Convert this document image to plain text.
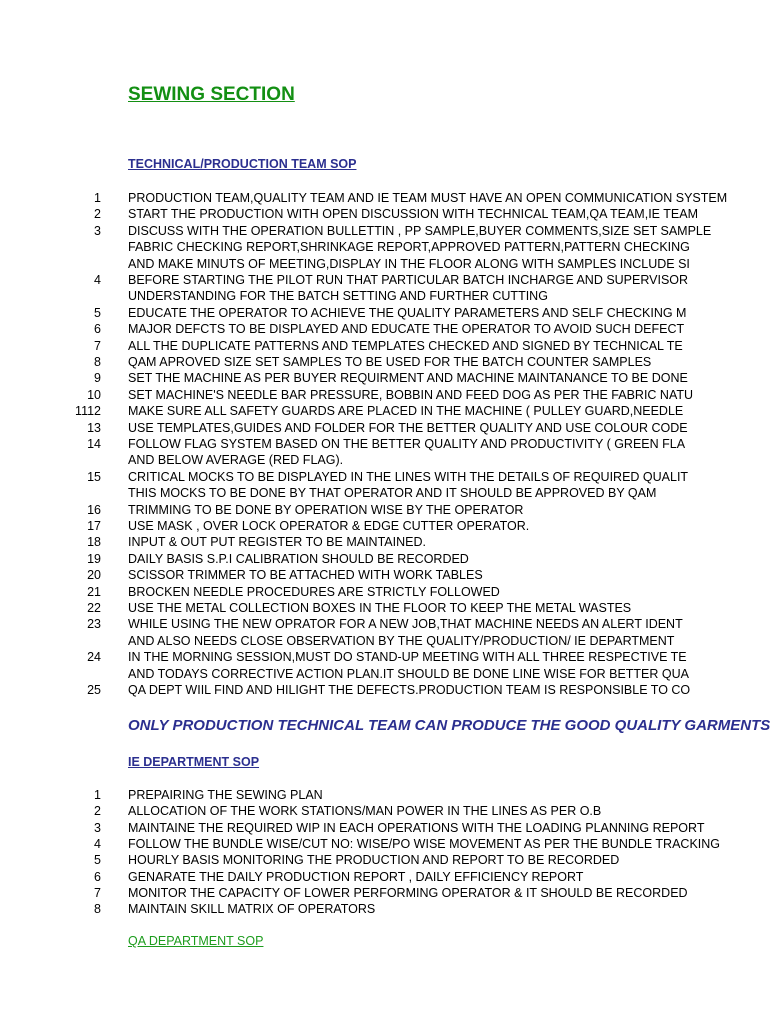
SEWING SECTION
TECHNICAL/PRODUCTION TEAM SOP
1 PRODUCTION TEAM,QUALITY TEAM AND IE TEAM MUST HAVE AN OPEN COMMUNICATION SYSTEM
2 START THE PRODUCTION WITH OPEN DISCUSSION WITH TECHNICAL TEAM,QA TEAM,IE TEAM
3 DISCUSS WITH THE OPERATION BULLETTIN , PP SAMPLE,BUYER COMMENTS,SIZE SET SAMPLE
FABRIC CHECKING REPORT,SHRINKAGE REPORT,APPROVED PATTERN,PATTERN CHECKING
AND MAKE MINUTS OF MEETING,DISPLAY IN THE FLOOR ALONG WITH SAMPLES INCLUDE SI
4 BEFORE STARTING THE PILOT RUN THAT PARTICULAR BATCH INCHARGE AND SUPERVISOR
UNDERSTANDING FOR THE BATCH SETTING AND FURTHER CUTTING
5 EDUCATE THE OPERATOR TO ACHIEVE THE QUALITY PARAMETERS AND SELF CHECKING M
6 MAJOR DEFCTS TO BE DISPLAYED AND EDUCATE THE OPERATOR TO AVOID SUCH DEFECT
7 ALL THE DUPLICATE PATTERNS AND TEMPLATES CHECKED AND SIGNED BY TECHNICAL TE
8 QAM APROVED SIZE SET SAMPLES TO BE USED FOR THE BATCH COUNTER SAMPLES
9 SET THE MACHINE AS PER BUYER REQUIRMENT AND MACHINE MAINTANANCE TO BE DONE
10 SET MACHINE'S NEEDLE BAR PRESSURE, BOBBIN AND FEED DOG AS PER THE FABRIC NATU
1112 MAKE SURE ALL SAFETY GUARDS ARE PLACED IN THE MACHINE ( PULLEY GUARD,NEEDLE
13 USE TEMPLATES,GUIDES AND FOLDER FOR THE BETTER QUALITY AND USE COLOUR CODE
14 FOLLOW FLAG SYSTEM BASED ON THE BETTER QUALITY AND PRODUCTIVITY ( GREEN FLA
AND BELOW AVERAGE (RED FLAG).
15 CRITICAL MOCKS TO BE DISPLAYED IN THE LINES WITH THE DETAILS OF REQUIRED QUALIT
THIS MOCKS TO BE DONE BY THAT OPERATOR AND IT SHOULD BE APPROVED BY QAM
16 TRIMMING TO BE DONE BY OPERATION WISE BY THE OPERATOR
17 USE MASK , OVER LOCK OPERATOR & EDGE CUTTER OPERATOR.
18 INPUT & OUT PUT REGISTER TO BE MAINTAINED.
19 DAILY BASIS S.P.I CALIBRATION SHOULD BE RECORDED
20 SCISSOR TRIMMER TO BE ATTACHED WITH WORK TABLES
21 BROCKEN NEEDLE PROCEDURES ARE STRICTLY FOLLOWED
22 USE THE METAL COLLECTION BOXES IN THE FLOOR TO KEEP THE METAL WASTES
23 WHILE USING THE NEW OPRATOR FOR A NEW JOB,THAT MACHINE NEEDS AN ALERT IDENT
AND ALSO NEEDS CLOSE OBSERVATION BY THE QUALITY/PRODUCTION/ IE DEPARTMENT
24 IN THE MORNING SESSION,MUST DO STAND-UP MEETING WITH ALL THREE RESPECTIVE TE
AND TODAYS CORRECTIVE ACTION PLAN.IT SHOULD BE DONE LINE WISE FOR BETTER QUA
25 QA DEPT WIIL FIND AND HILIGHT THE DEFECTS.PRODUCTION TEAM IS RESPONSIBLE TO CO
ONLY PRODUCTION TECHNICAL TEAM CAN PRODUCE THE GOOD QUALITY GARMENTS
IE DEPARTMENT SOP
1 PREPAIRING THE SEWING PLAN
2 ALLOCATION OF THE WORK STATIONS/MAN POWER IN THE LINES AS PER O.B
3 MAINTAINE THE REQUIRED WIP IN EACH OPERATIONS WITH THE LOADING PLANNING REPORT
4 FOLLOW THE BUNDLE WISE/CUT NO: WISE/PO WISE MOVEMENT AS PER THE BUNDLE TRACKING
5 HOURLY BASIS MONITORING THE PRODUCTION AND REPORT TO BE RECORDED
6 GENARATE THE DAILY PRODUCTION REPORT , DAILY EFFICIENCY REPORT
7 MONITOR THE CAPACITY OF LOWER PERFORMING OPERATOR & IT SHOULD BE RECORDED
8 MAINTAIN SKILL MATRIX OF OPERATORS
QA DEPARTMENT SOP
